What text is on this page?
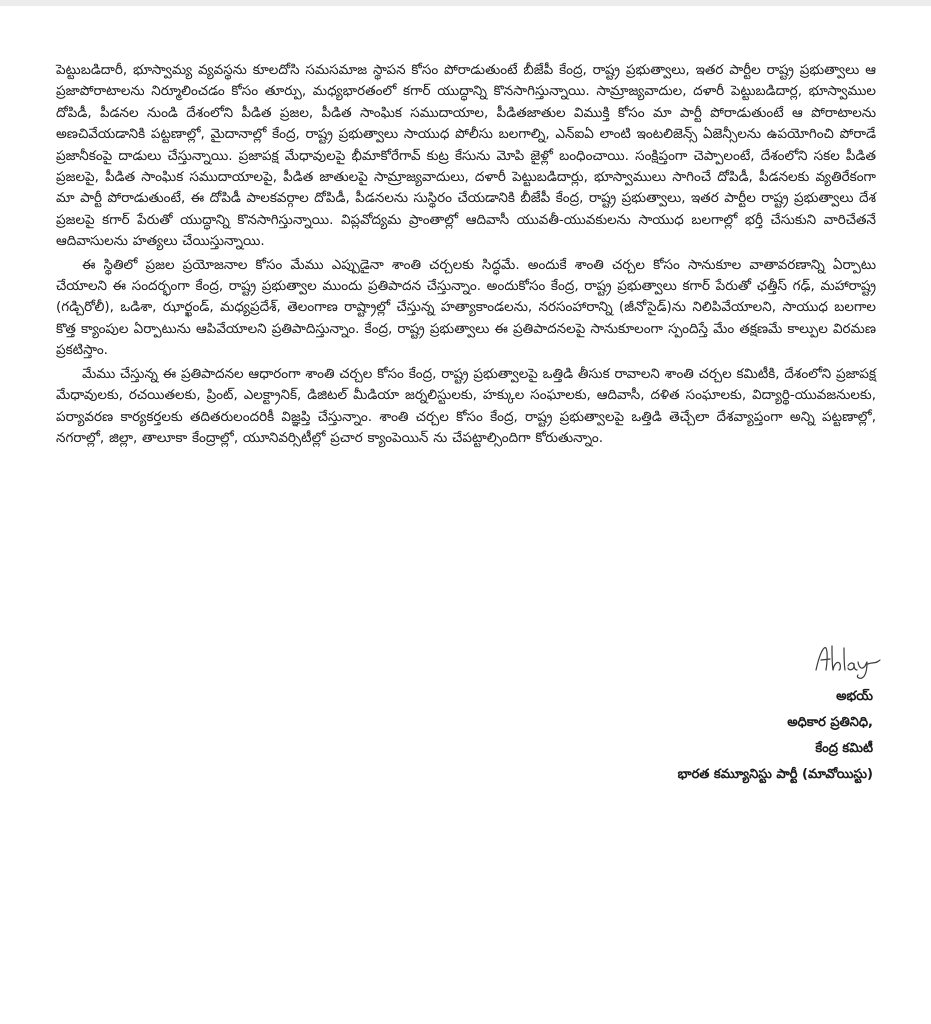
పెట్టుబడిదారీ, భూస్వామ్య వ్యవస్థను కూలదోసి సమసమాజ స్థాపన కోసం పోరాడుతుంటే బీజేపీ కేంద్ర, రాష్ట్ర ప్రభుత్వాలు, ఇతర పార్టీల రాష్ట్ర ప్రభుత్వాలు ఆ ప్రజాపోరాటాలను నిర్మూలించడం కోసం తూర్పు, మధ్యభారతంలో కగార్ యుద్ధాన్ని కొనసాగిస్తున్నాయి. సామ్రాజ్యవాదుల, దళారీ పెట్టుబడిదార్ల, భూస్వాముల దోపిడీ, పీడనల నుండి దేశంలోని పీడిత ప్రజల, పీడిత సాంఘిక సముదాయాల, పీడితజాతుల విముక్తి కోసం మా పార్టీ పోరాడుతుంటే ఆ పోరాటాలను అణచివేయడానికి పట్టణాల్లో, మైదానాల్లో కేంద్ర, రాష్ట్ర ప్రభుత్వాలు సాయుధ పోలీసు బలగాల్ని, ఎన్ఐఏ లాంటి ఇంటలిజెన్స్ ఏజెన్సీలను ఉపయోగించి పోరాడే ప్రజానీకంపై దాడులు చేస్తున్నాయి. ప్రజాపక్ష మేధావులపై భీమాకోరేగావ్ కుట్ర కేసును మోపి జైళ్లో బంధించాయి. సంక్షిప్తంగా చెప్పాలంటే, దేశంలోని సకల పీడిత ప్రజలపై, పీడిత సాంఘిక సముదాయాలపై, పీడిత జాతులపై సామ్రాజ్యవాదులు, దళారీ పెట్టుబడిదార్లు, భూస్వాములు సాగించే దోపిడీ, పీడనలకు వ్యతిరేకంగా మా పార్టీ పోరాడుతుంటే, ఈ దోపిడీ పాలకవర్గాల దోపిడీ, పీడనలను సుస్థిరం చేయడానికి బీజేపీ కేంద్ర, రాష్ట్ర ప్రభుత్వాలు, ఇతర పార్టీల రాష్ట్ర ప్రభుత్వాలు దేశ ప్రజలపై కగార్ పేరుతో యుద్ధాన్ని కొనసాగిస్తున్నాయి. విప్లవోద్యమ ప్రాంతాల్లో ఆదివాసీ యువతీ-యువకులను సాయుధ బలగాల్లో భర్తీ చేసుకుని వారిచేతనే ఆదివాసులను హత్యలు చేయిస్తున్నాయి.

ఈ స్థితిలో ప్రజల ప్రయోజనాల కోసం మేము ఎప్పుడైనా శాంతి చర్చలకు సిద్ధమే. అందుకే శాంతి చర్చల కోసం సానుకూల వాతావరణాన్ని ఏర్పాటు చేయాలని ఈ సందర్భంగా కేంద్ర, రాష్ట్ర ప్రభుత్వాల ముందు ప్రతిపాదన చేస్తున్నాం. అందుకోసం కేంద్ర, రాష్ట్ర ప్రభుత్వాలు కగార్ పేరుతో ఛత్తీస్ గఢ్, మహారాష్ట్ర (గడ్చిరోలీ), ఒడిశా, ఝార్ఖండ్, మధ్యప్రదేశ్, తెలంగాణ రాష్ట్రాల్లో చేస్తున్న హత్యాకాండలను, నరసంహారాన్ని (జీనోసైడ్)ను నిలిపివేయాలని, సాయుధ బలగాల కొత్త క్యాంపుల ఏర్పాటును ఆపివేయాలని ప్రతిపాదిస్తున్నాం. కేంద్ర, రాష్ట్ర ప్రభుత్వాలు ఈ ప్రతిపాదనలపై సానుకూలంగా స్పందిస్తే మేం తక్షణమే కాల్పుల విరమణ ప్రకటిస్తాం.

మేము చేస్తున్న ఈ ప్రతిపాదనల ఆధారంగా శాంతి చర్చల కోసం కేంద్ర, రాష్ట్ర ప్రభుత్వాలపై ఒత్తిడి తీసుక రావాలని శాంతి చర్చల కమిటీకి, దేశంలోని ప్రజాపక్ష మేధావులకు, రచయితలకు, ప్రింట్, ఎలక్ట్రానిక్, డిజిటల్ మీడియా జర్నలిస్టులకు, హక్కుల సంఘాలకు, ఆదివాసీ, దళిత సంఘాలకు, విద్యార్థి-యువజనులకు, పర్యావరణ కార్యకర్తలకు తదితరులందరికీ విజ్ఞప్తి చేస్తున్నాం. శాంతి చర్చల కోసం కేంద్ర, రాష్ట్ర ప్రభుత్వాలపై ఒత్తిడి తెచ్చేలా దేశవ్యాప్తంగా అన్ని పట్టణాల్లో, నగరాల్లో, జిల్లా, తాలూకా కేంద్రాల్లో, యూనివర్సిటీల్లో ప్రచార క్యాంపెయిన్ ను చేపట్టాల్సిందిగా కోరుతున్నాం.

అభయ్
అధికార ప్రతినిధి,
కేంద్ర కమిటీ
భారత కమ్యూనిస్టు పార్టీ (మావోయిస్టు)
